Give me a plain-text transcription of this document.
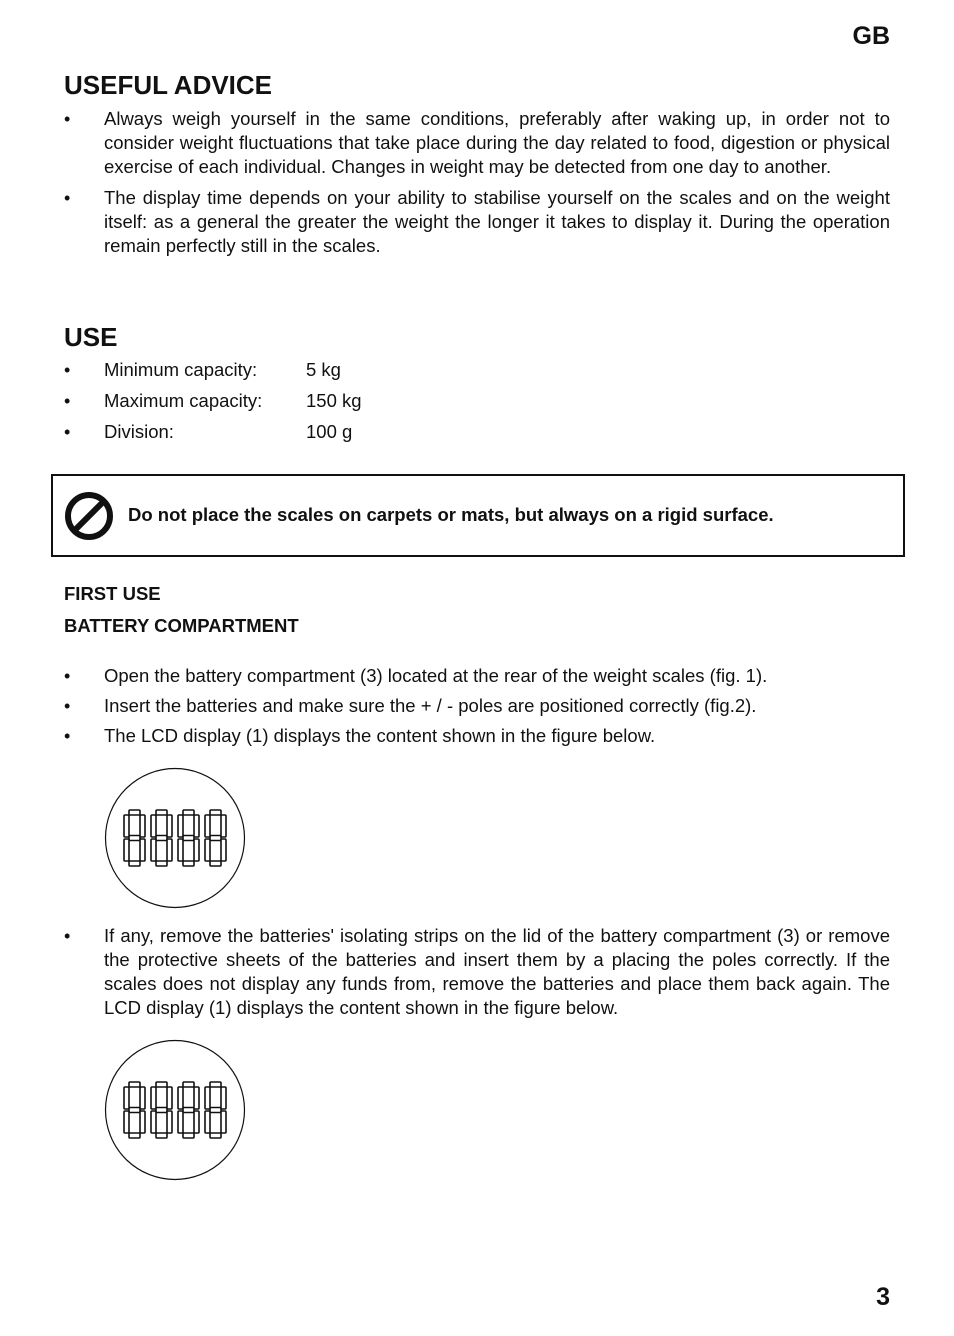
GB
USEFUL ADVICE
•	Always weigh yourself in the same conditions, preferably after waking up, in order not to consider weight fluctuations that take place during the day related to food, digestion or physical exercise of each individual. Changes in weight may be detected from one day to another.
•	The display time depends on your ability to stabilise yourself on the scales and on the weight itself: as a general the greater the weight the longer it takes to display it. During the operation remain perfectly still in the scales.
USE
•	Minimum capacity:	5 kg
•	Maximum capacity: 150 kg
•	Division:	100 g
Do not place the scales on carpets or mats, but always on a rigid surface.
FIRST USE
BATTERY COMPARTMENT
•	Open the battery compartment (3) located at the rear of the weight scales (fig. 1).
•	Insert the batteries and make sure the + / - poles are positioned correctly (fig.2).
•	The LCD display (1) displays the content shown in the figure below.
•	If any, remove the batteries' isolating strips on the lid of the battery compartment (3) or remove the protective sheets of the batteries and insert them by a placing the poles correctly. If the scales does not display any funds from, remove the batteries and place them back again. The LCD display (1) displays the content shown in the figure below.
3
